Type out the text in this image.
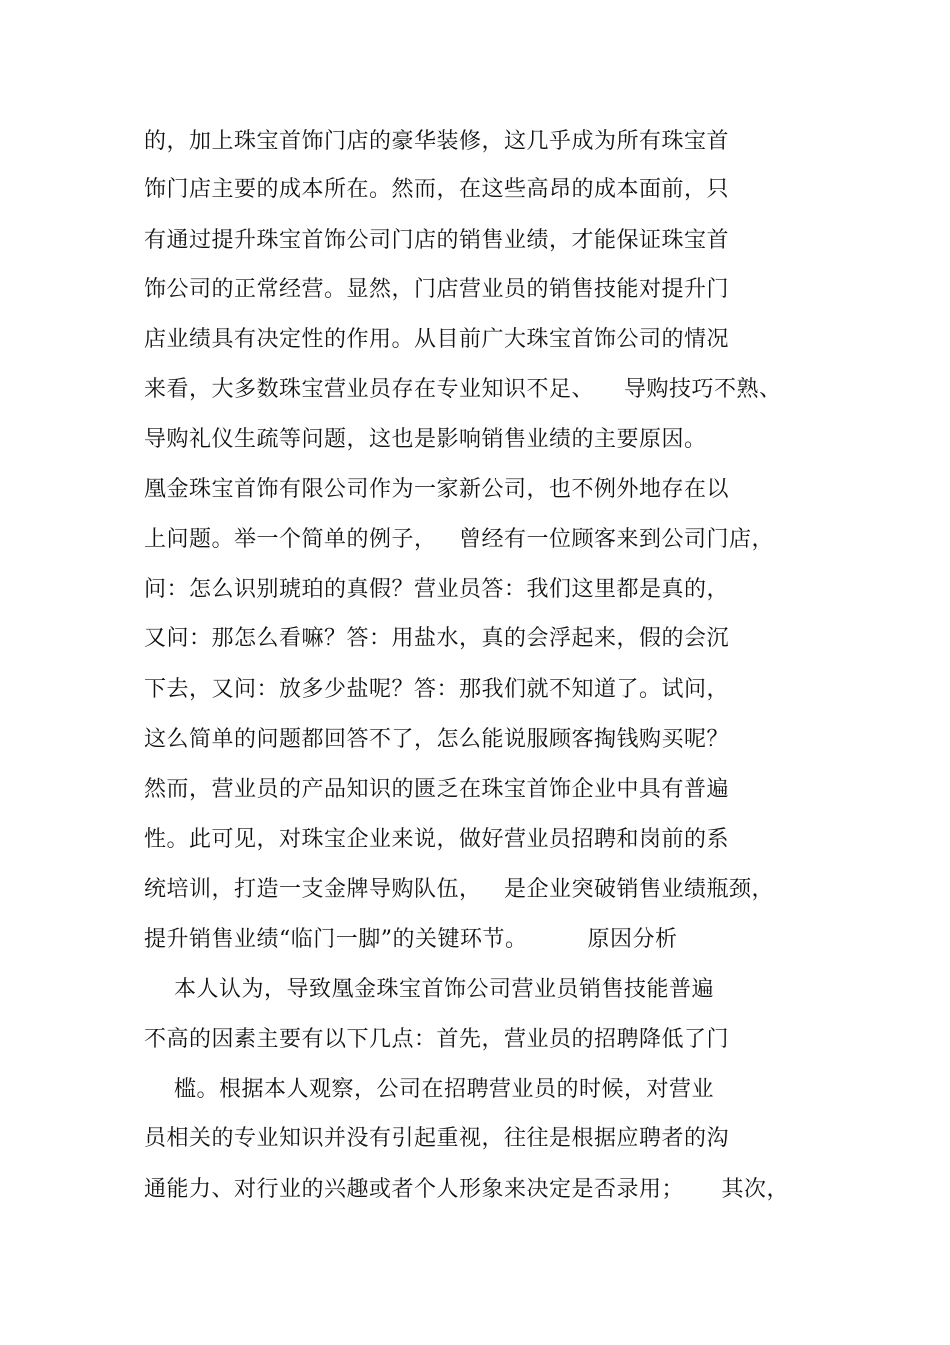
的，加上珠宝首饰门店的豪华装修，这几乎成为所有珠宝首
饰门店主要的成本所在。然而，在这些高昂的成本面前，只
有通过提升珠宝首饰公司门店的销售业绩，才能保证珠宝首
饰公司的正常经营。显然，门店营业员的销售技能对提升门
店业绩具有决定性的作用。从目前广大珠宝首饰公司的情况
来看，大多数珠宝营业员存在专业知识不足、    导购技巧不熟、
导购礼仪生疏等问题，这也是影响销售业绩的主要原因。
凰金珠宝首饰有限公司作为一家新公司，也不例外地存在以
上问题。举一个简单的例子，   曾经有一位顾客来到公司门店，
问：怎么识别琥珀的真假？营业员答：我们这里都是真的，
又问：那怎么看嘛？答：用盐水，真的会浮起来，假的会沉
下去，又问：放多少盐呢？答：那我们就不知道了。试问，
这么简单的问题都回答不了，怎么能说服顾客掏钱购买呢？
然而，营业员的产品知识的匮乏在珠宝首饰企业中具有普遍
性。此可见，对珠宝企业来说，做好营业员招聘和岗前的系
统培训，打造一支金牌导购队伍，   是企业突破销售业绩瓶颈，
提升销售业绩“临门一脚”的关键环节。        原因分析
本人认为，导致凰金珠宝首饰公司营业员销售技能普遍
不高的因素主要有以下几点：首先，营业员的招聘降低了门
槛。根据本人观察，公司在招聘营业员的时候，对营业
员相关的专业知识并没有引起重视，往往是根据应聘者的沟
通能力、对行业的兴趣或者个人形象来决定是否录用；     其次，
